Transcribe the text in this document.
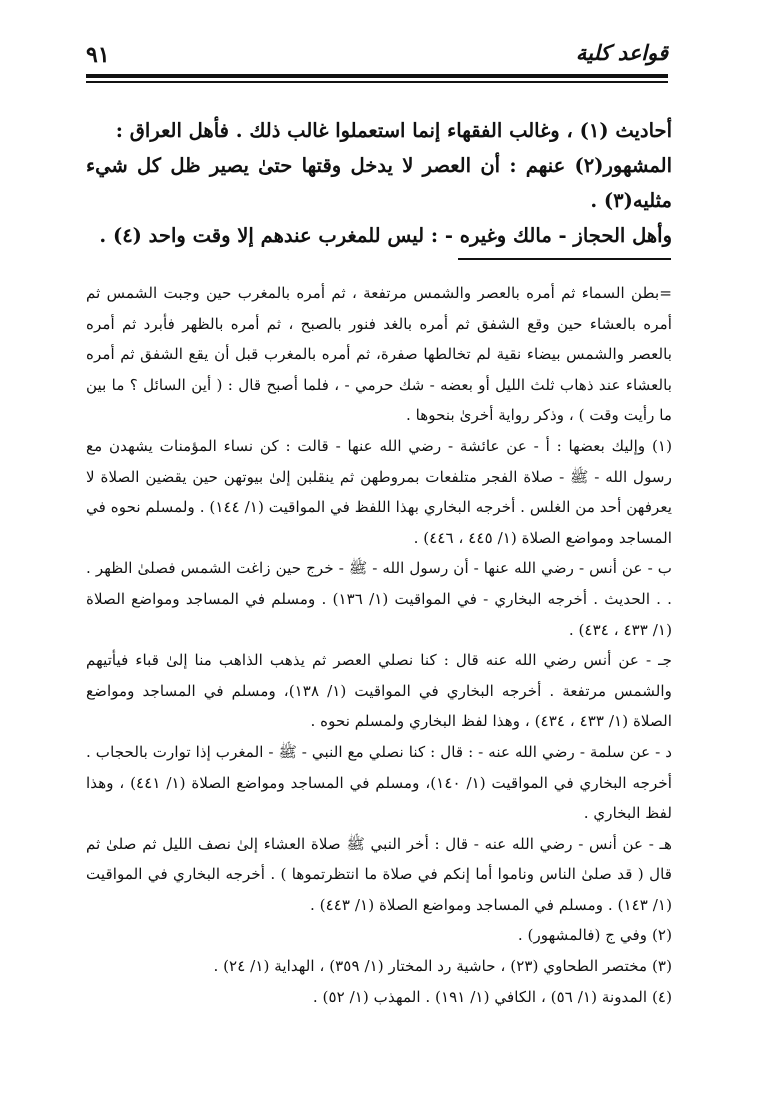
٩١	قواعد كلية

أحاديث (١) ، وغالب الفقهاء إنما استعملوا غالب ذلك . فأهل العراق :

المشهور(٢) عنهم : أن العصر لا يدخل وقتها حتىٰ يصير ظل كل شيء مثليه(٣) .

وأهل الحجاز - مالك وغيره - : ليس للمغرب عندهم إلا وقت واحد (٤) .

=بطن السماء ثم أمره بالعصر والشمس مرتفعة ، ثم أمره بالمغرب حين وجبت الشمس ثم أمره بالعشاء حين وقع الشفق ثم أمره بالغد فنور بالصبح ، ثم أمره بالظهر فأبرد ثم أمره بالعصر والشمس بيضاء نقية لم تخالطها صفرة، ثم أمره بالمغرب قبل أن يقع الشفق ثم أمره بالعشاء عند ذهاب ثلث الليل أو بعضه - شك حرمي - ، فلما أصبح قال : ( أين السائل ؟ ما بين ما رأيت وقت ) ، وذكر رواية أخرىٰ بنحوها .

(١) وإليك بعضها : أ - عن عائشة - رضي الله عنها - قالت : كن نساء المؤمنات يشهدن مع رسول الله - ﷺ - صلاة الفجر متلفعات بمروطهن ثم ينقلبن إلىٰ بيوتهن حين يقضين الصلاة لا يعرفهن أحد من الغلس . أخرجه البخاري بهذا اللفظ في المواقيت (١/ ١٤٤) . ولمسلم نحوه في المساجد ومواضع الصلاة (١/ ٤٤٥ ، ٤٤٦) .

ب - عن أنس - رضي الله عنها - أن رسول الله - ﷺ - خرج حين زاغت الشمس فصلىٰ الظهر . . . الحديث . أخرجه البخاري - في المواقيت (١/ ١٣٦) . ومسلم في المساجد ومواضع الصلاة (١/ ٤٣٣ ، ٤٣٤) .

جـ - عن أنس رضي الله عنه قال : كنا نصلي العصر ثم يذهب الذاهب منا إلىٰ قباء فيأتيهم والشمس مرتفعة . أخرجه البخاري في المواقيت (١/ ١٣٨)، ومسلم في المساجد ومواضع الصلاة (١/ ٤٣٣ ، ٤٣٤) ، وهذا لفظ البخاري ولمسلم نحوه .

د - عن سلمة - رضي الله عنه - : قال : كنا نصلي مع النبي - ﷺ - المغرب إذا توارت بالحجاب . أخرجه البخاري في المواقيت (١/ ١٤٠)، ومسلم في المساجد ومواضع الصلاة (١/ ٤٤١) ، وهذا لفظ البخاري .

هـ - عن أنس - رضي الله عنه - قال : أخر النبي ﷺ صلاة العشاء إلىٰ نصف الليل ثم صلىٰ ثم قال ( قد صلىٰ الناس وناموا أما إنكم في صلاة ما انتظرتموها ) . أخرجه البخاري في المواقيت (١/ ١٤٣) . ومسلم في المساجد ومواضع الصلاة (١/ ٤٤٣) .

(٢) وفي ج (فالمشهور) .

(٣) مختصر الطحاوي (٢٣) ، حاشية رد المختار (١/ ٣٥٩) ، الهداية (١/ ٢٤) .

(٤) المدونة (١/ ٥٦) ، الكافي (١/ ١٩١) . المهذب (١/ ٥٢) .
